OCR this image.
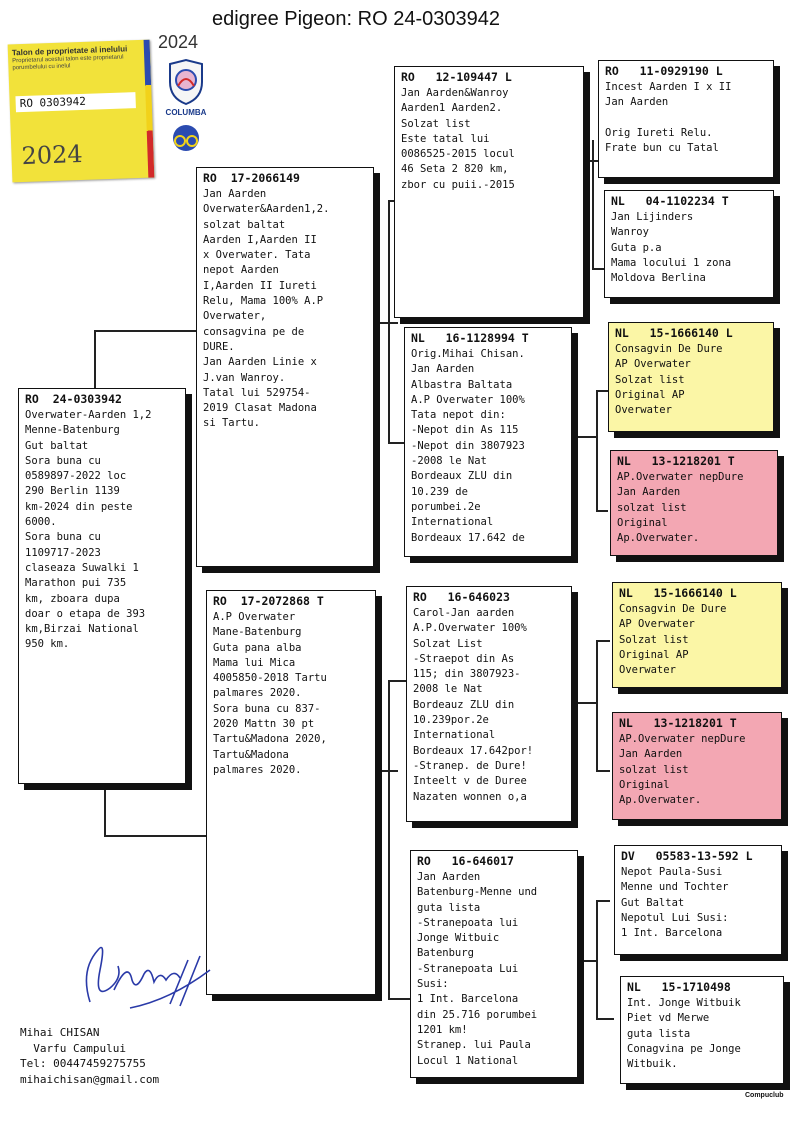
Talon de proprietate al inelului
Proprietarul acestui talon este proprietarul porumbelului cu inelul
RO 0303942
2024
2024
COLUMBA
edigree Pigeon: RO 24-0303942
RO  24-0303942
Overwater-Aarden 1,2
Menne-Batenburg
Gut baltat
Sora buna cu
0589897-2022 loc
290 Berlin 1139
km-2024 din peste
6000.
Sora buna cu
1109717-2023
claseaza Suwalki 1
Marathon pui 735
km, zboara dupa
doar o etapa de 393
km,Birzai National
950 km.
RO  17-2066149
Jan Aarden
Overwater&Aarden1,2.
solzat baltat
Aarden I,Aarden II
x Overwater. Tata
nepot Aarden
I,Aarden II Iureti
Relu, Mama 100% A.P
Overwater,
consagvina pe de
DURE.
Jan Aarden Linie x
J.van Wanroy.
Tatal lui 529754-
2019 Clasat Madona
si Tartu.
RO  17-2072868 T
A.P Overwater
Mane-Batenburg
Guta pana alba
Mama lui Mica
4005850-2018 Tartu
palmares 2020.
Sora buna cu 837-
2020 Mattn 30 pt
Tartu&Madona 2020,
Tartu&Madona
palmares 2020.
RO   12-109447 L
Jan Aarden&Wanroy
Aarden1 Aarden2.
Solzat list
Este tatal lui
0086525-2015 locul
46 Seta 2 820 km,
zbor cu puii.-2015
NL   16-1128994 T
Orig.Mihai Chisan.
Jan Aarden
Albastra Baltata
A.P Overwater 100%
Tata nepot din:
-Nepot din As 115
-Nepot din 3807923
-2008 le Nat
Bordeaux ZLU din
10.239 de
porumbei.2e
International
Bordeaux 17.642 de
RO   16-646023
Carol-Jan aarden
A.P.Overwater 100%
Solzat List
-Straepot din As
115; din 3807923-
2008 le Nat
Bordeauz ZLU din
10.239por.2e
International
Bordeaux 17.642por!
-Stranep. de Dure!
Inteelt v de Duree
Nazaten wonnen o,a
RO   16-646017
Jan Aarden
Batenburg-Menne und
guta lista
-Stranepoata lui
Jonge Witbuic
Batenburg
-Stranepoata Lui
Susi:
1 Int. Barcelona
din 25.716 porumbei
1201 km!
Stranep. lui Paula
Locul 1 National
RO   11-0929190 L
Incest Aarden I x II
Jan Aarden

Orig Iureti Relu.
Frate bun cu Tatal
NL   04-1102234 T
Jan Lijinders
Wanroy
Guta p.a
Mama locului 1 zona
Moldova Berlina
NL   15-1666140 L
Consagvin De Dure
AP Overwater
Solzat list
Original AP
Overwater
NL   13-1218201 T
AP.Overwater nepDure
Jan Aarden
solzat list
Original
Ap.Overwater.
NL   15-1666140 L
Consagvin De Dure
AP Overwater
Solzat list
Original AP
Overwater
NL   13-1218201 T
AP.Overwater nepDure
Jan Aarden
solzat list
Original
Ap.Overwater.
DV   05583-13-592 L
Nepot Paula-Susi
Menne und Tochter
Gut Baltat
Nepotul Lui Susi:
1 Int. Barcelona
NL   15-1710498
Int. Jonge Witbuik
Piet vd Merwe
guta lista
Conagvina pe Jonge
Witbuik.
Mihai CHISAN
Varfu Campului
Tel: 00447459275755
mihaichisan@gmail.com
Compuclub
